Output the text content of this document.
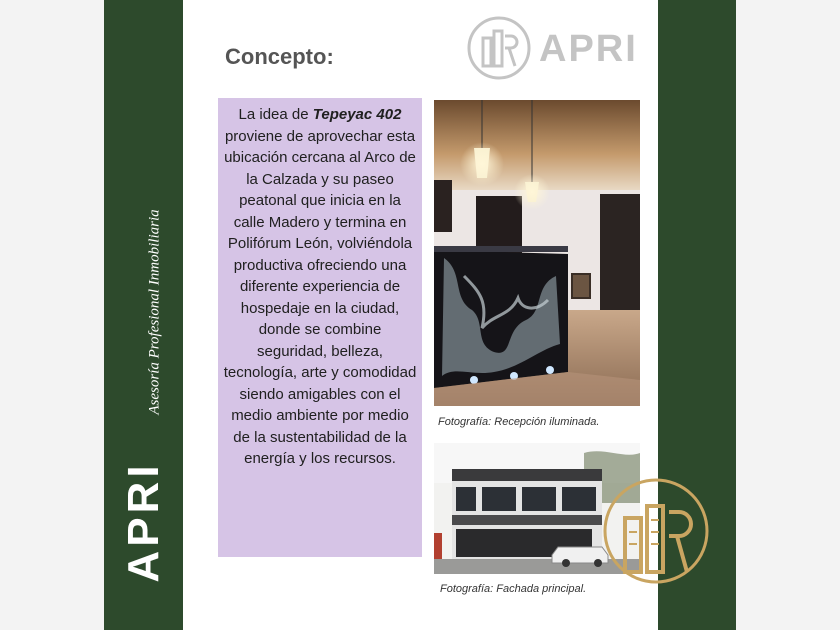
Asesoría Profesional Inmobiliaria
APRI
Concepto:	APRI

La idea de Tepeyac 402 proviene de aprovechar esta ubicación cercana al Arco de la Calzada y su paseo peatonal que inicia en la calle Madero y termina en Polifórum León, volviéndola productiva ofreciendo una diferente experiencia de hospedaje en la ciudad, donde se combine seguridad, belleza, tecnología, arte y comodidad siendo amigables con el medio ambiente por medio de la sustentabilidad de la energía y los recursos.

Fotografía: Recepción iluminada.
Fotografía: Fachada principal.
